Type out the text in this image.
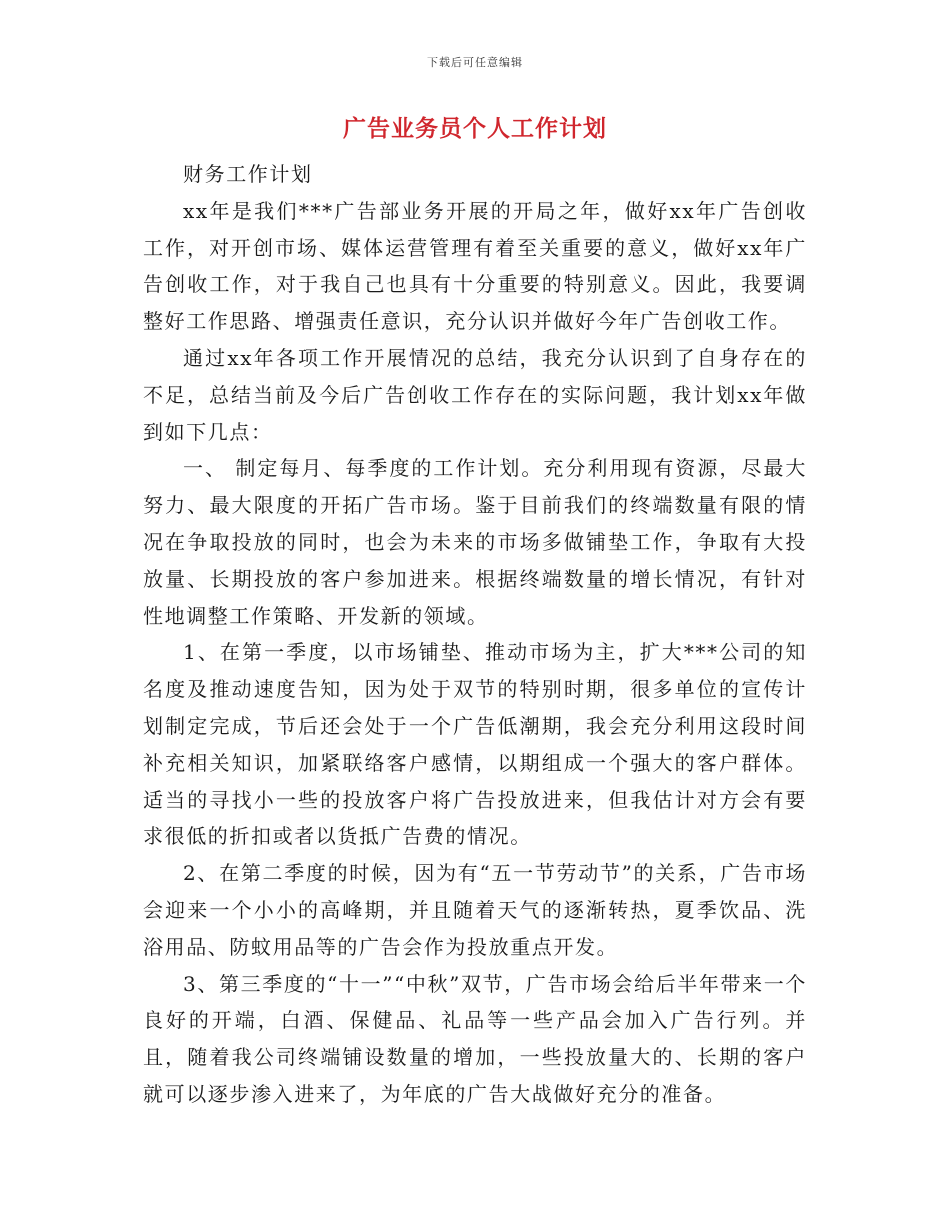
下载后可任意编辑
广告业务员个人工作计划

财务工作计划

xx年是我们***广告部业务开展的开局之年，做好xx年广告创收工作，对开创市场、媒体运营管理有着至关重要的意义，做好xx年广告创收工作，对于我自己也具有十分重要的特别意义。因此，我要调整好工作思路、增强责任意识，充分认识并做好今年广告创收工作。

通过xx年各项工作开展情况的总结，我充分认识到了自身存在的不足，总结当前及今后广告创收工作存在的实际问题，我计划xx年做到如下几点：

一、 制定每月、每季度的工作计划。充分利用现有资源，尽最大努力、最大限度的开拓广告市场。鉴于目前我们的终端数量有限的情况在争取投放的同时，也会为未来的市场多做铺垫工作，争取有大投放量、长期投放的客户参加进来。根据终端数量的增长情况，有针对性地调整工作策略、开发新的领域。

1、在第一季度，以市场铺垫、推动市场为主，扩大***公司的知名度及推动速度告知，因为处于双节的特别时期，很多单位的宣传计划制定完成，节后还会处于一个广告低潮期，我会充分利用这段时间补充相关知识，加紧联络客户感情，以期组成一个强大的客户群体。适当的寻找小一些的投放客户将广告投放进来，但我估计对方会有要求很低的折扣或者以货抵广告费的情况。

2、在第二季度的时候，因为有“五一节劳动节”的关系，广告市场会迎来一个小小的高峰期，并且随着天气的逐渐转热，夏季饮品、洗浴用品、防蚊用品等的广告会作为投放重点开发。

3、第三季度的“十一”“中秋”双节，广告市场会给后半年带来一个良好的开端，白酒、保健品、礼品等一些产品会加入广告行列。并且，随着我公司终端铺设数量的增加，一些投放量大的、长期的客户就可以逐步渗入进来了，为年底的广告大战做好充分的准备。
